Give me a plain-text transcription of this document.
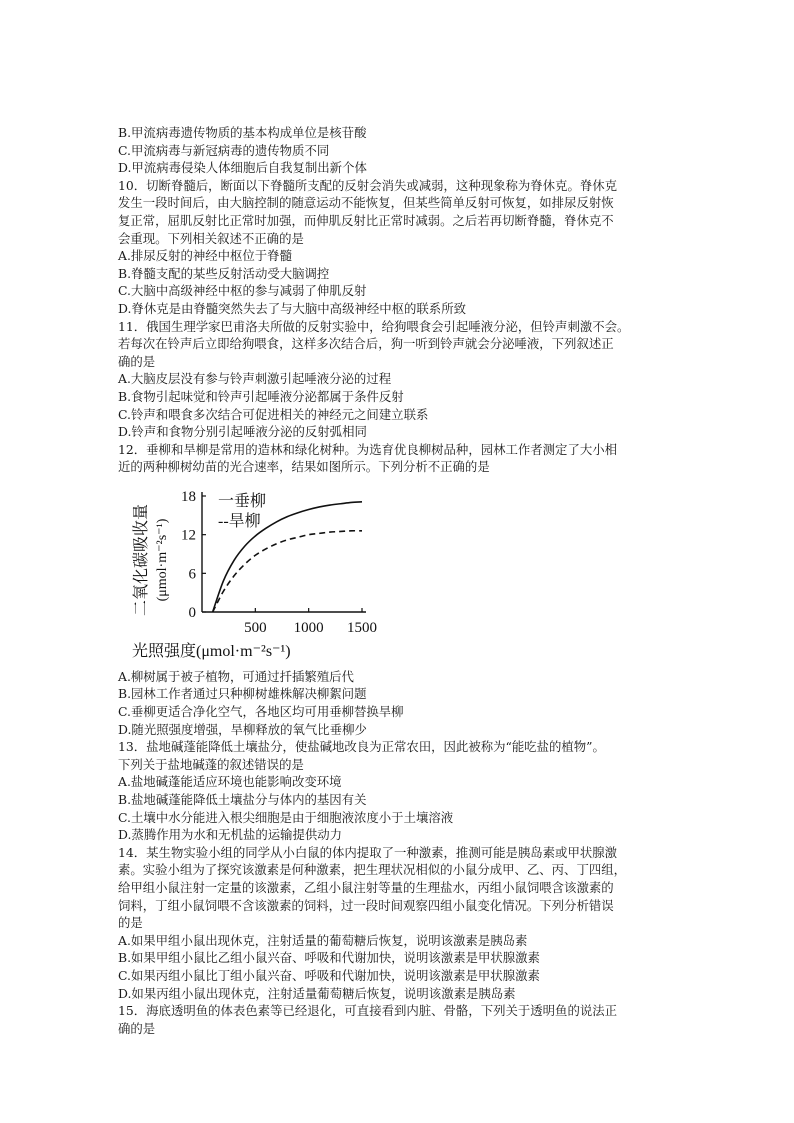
B.甲流病毒遗传物质的基本构成单位是核苷酸
C.甲流病毒与新冠病毒的遗传物质不同
D.甲流病毒侵染人体细胞后自我复制出新个体
10．切断脊髓后，断面以下脊髓所支配的反射会消失或减弱，这种现象称为脊休克。脊休克
发生一段时间后，由大脑控制的随意运动不能恢复，但某些简单反射可恢复，如排尿反射恢
复正常，屈肌反射比正常时加强，而伸肌反射比正常时减弱。之后若再切断脊髓，脊休克不
会重现。下列相关叙述不正确的是
A.排尿反射的神经中枢位于脊髓
B.脊髓支配的某些反射活动受大脑调控
C.大脑中高级神经中枢的参与减弱了伸肌反射
D.脊休克是由脊髓突然失去了与大脑中高级神经中枢的联系所致
11．俄国生理学家巴甫洛夫所做的反射实验中，给狗喂食会引起唾液分泌，但铃声刺激不会。
若每次在铃声后立即给狗喂食，这样多次结合后，狗一听到铃声就会分泌唾液，下列叙述正
确的是
A.大脑皮层没有参与铃声刺激引起唾液分泌的过程
B.食物引起味觉和铃声引起唾液分泌都属于条件反射
C.铃声和喂食多次结合可促进相关的神经元之间建立联系
D.铃声和食物分别引起唾液分泌的反射弧相同
12．垂柳和旱柳是常用的造林和绿化树种。为选育优良柳树品种，园林工作者测定了大小相
近的两种柳树幼苗的光合速率，结果如图所示。下列分析不正确的是
0
6
12
18
500 1000 1500
一垂柳
--旱柳
二氧化碳吸收量 (μmol·m⁻²s⁻¹)
光照强度(μmol·m⁻²s⁻¹)
A.柳树属于被子植物，可通过扦插繁殖后代
B.园林工作者通过只种柳树雄株解决柳絮问题
C.垂柳更适合净化空气，各地区均可用垂柳替换旱柳
D.随光照强度增强，旱柳释放的氧气比垂柳少
13．盐地碱蓬能降低土壤盐分，使盐碱地改良为正常农田，因此被称为“能吃盐的植物”。
下列关于盐地碱蓬的叙述错误的是
A.盐地碱蓬能适应环境也能影响改变环境
B.盐地碱蓬能降低土壤盐分与体内的基因有关
C.土壤中水分能进入根尖细胞是由于细胞液浓度小于土壤溶液
D.蒸腾作用为水和无机盐的运输提供动力
14．某生物实验小组的同学从小白鼠的体内提取了一种激素，推测可能是胰岛素或甲状腺激
素。实验小组为了探究该激素是何种激素，把生理状况相似的小鼠分成甲、乙、丙、丁四组，
给甲组小鼠注射一定量的该激素，乙组小鼠注射等量的生理盐水，丙组小鼠饲喂含该激素的
饲料，丁组小鼠饲喂不含该激素的饲料，过一段时间观察四组小鼠变化情况。下列分析错误
的是
A.如果甲组小鼠出现休克，注射适量的葡萄糖后恢复，说明该激素是胰岛素
B.如果甲组小鼠比乙组小鼠兴奋、呼吸和代谢加快，说明该激素是甲状腺激素
C.如果丙组小鼠比丁组小鼠兴奋、呼吸和代谢加快，说明该激素是甲状腺激素
D.如果丙组小鼠出现休克，注射适量葡萄糖后恢复，说明该激素是胰岛素
15．海底透明鱼的体表色素等已经退化，可直接看到内脏、骨骼，下列关于透明鱼的说法正
确的是
